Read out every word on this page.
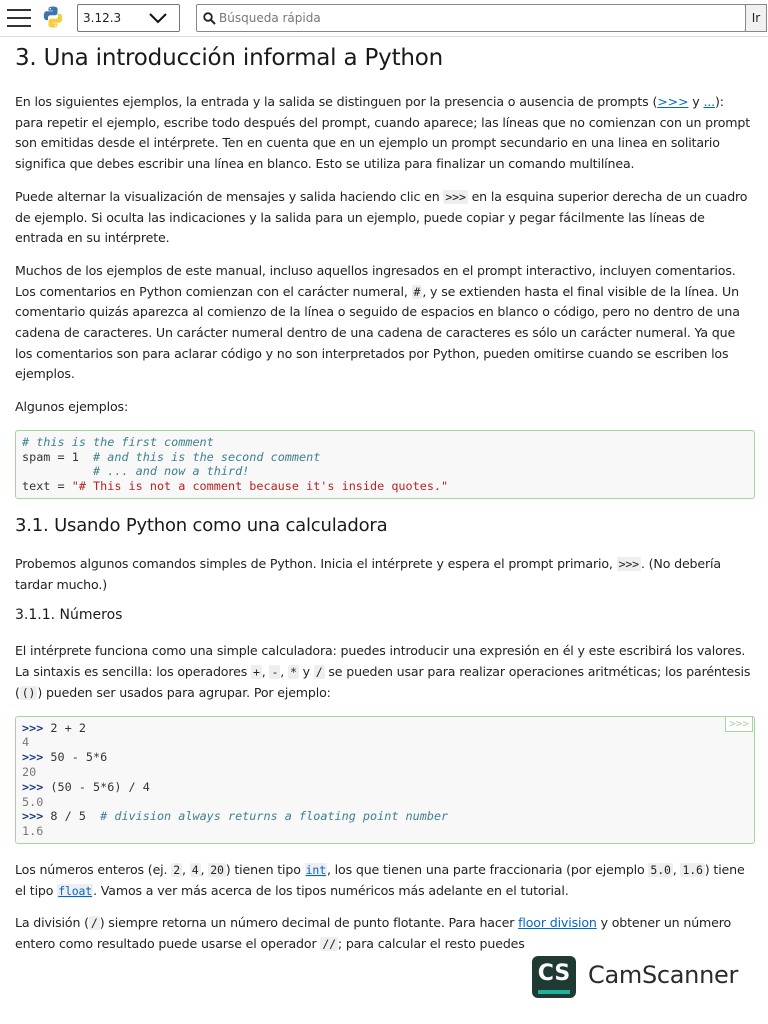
3.12.3
Búsqueda rápida	Ir
3. Una introducción informal a Python

En los siguientes ejemplos, la entrada y la salida se distinguen por la presencia o ausencia de prompts (>>> y ...): para repetir el ejemplo, escribe todo después del prompt, cuando aparece; las líneas que no comienzan con un prompt son emitidas desde el intérprete. Ten en cuenta que en un ejemplo un prompt secundario en una linea en solitario significa que debes escribir una línea en blanco. Esto se utiliza para finalizar un comando multilínea.

Puede alternar la visualización de mensajes y salida haciendo clic en >>> en la esquina superior derecha de un cuadro de ejemplo. Si oculta las indicaciones y la salida para un ejemplo, puede copiar y pegar fácilmente las líneas de entrada en su intérprete.

Muchos de los ejemplos de este manual, incluso aquellos ingresados en el prompt interactivo, incluyen comentarios. Los comentarios en Python comienzan con el carácter numeral, # , y se extienden hasta el final visible de la línea. Un comentario quizás aparezca al comienzo de la línea o seguido de espacios en blanco o código, pero no dentro de una cadena de caracteres. Un carácter numeral dentro de una cadena de caracteres es sólo un carácter numeral. Ya que los comentarios son para aclarar código y no son interpretados por Python, pueden omitirse cuando se escriben los ejemplos.

Algunos ejemplos:

# this is the first comment
spam = 1  # and this is the second comment
# ... and now a third!
text = "# This is not a comment because it's inside quotes."
3.1. Usando Python como una calculadora

Probemos algunos comandos simples de Python. Inicia el intérprete y espera el prompt primario, >>> . (No debería tardar mucho.)

3.1.1. Números

El intérprete funciona como una simple calculadora: puedes introducir una expresión en él y este escribirá los valores. La sintaxis es sencilla: los operadores + , - , * y / se pueden usar para realizar operaciones aritméticas; los paréntesis ( () ) pueden ser usados para agrupar. Por ejemplo:

>>>
>>> 2 + 2
4
>>> 50 - 5*6
20
>>> (50 - 5*6) / 4
5.0
>>> 8 / 5  # division always returns a floating point number
1.6

Los números enteros (ej. 2 , 4 , 20 ) tienen tipo int, los que tienen una parte fraccionaria (por ejemplo 5.0 , 1.6 ) tiene el tipo float. Vamos a ver más acerca de los tipos numéricos más adelante en el tutorial.

La división ( / ) siempre retorna un número decimal de punto flotante. Para hacer floor division y obtener un número entero como resultado puede usarse el operador // ; para calcular el resto puedes

CS CamScanner
